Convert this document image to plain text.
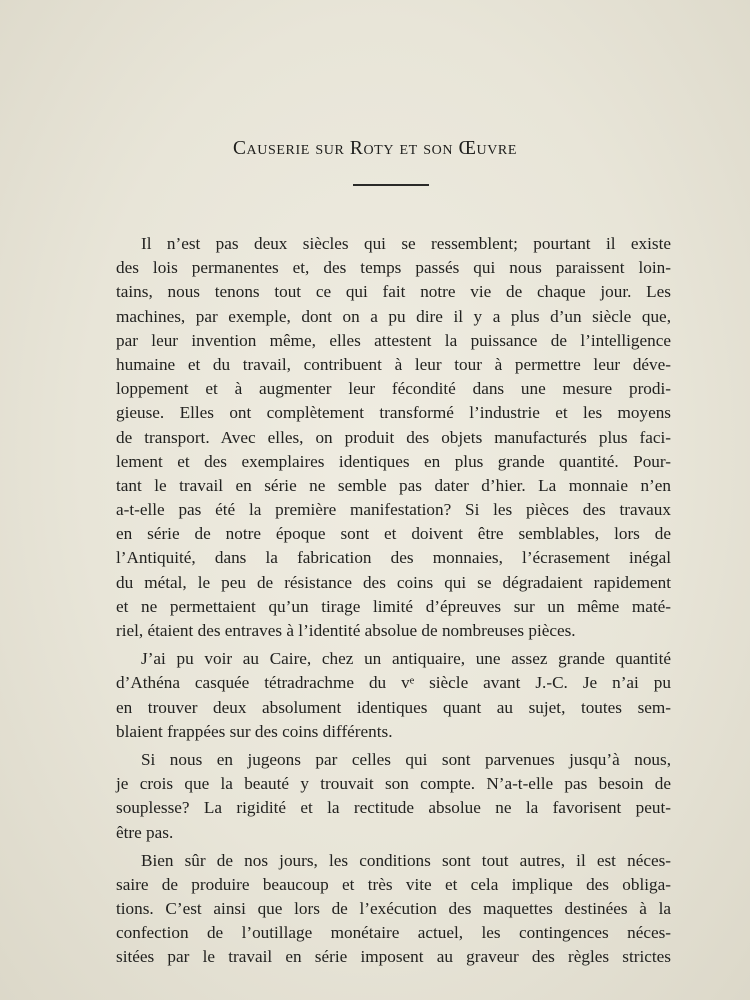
Causerie sur Roty et son Œuvre
Il n’est pas deux siècles qui se ressemblent; pourtant il existe
des lois permanentes et, des temps passés qui nous paraissent loin-
tains, nous tenons tout ce qui fait notre vie de chaque jour. Les
machines, par exemple, dont on a pu dire il y a plus d’un siècle que,
par leur invention même, elles attestent la puissance de l’intelligence
humaine et du travail, contribuent à leur tour à permettre leur déve-
loppement et à augmenter leur fécondité dans une mesure prodi-
gieuse. Elles ont complètement transformé l’industrie et les moyens
de transport. Avec elles, on produit des objets manufacturés plus faci-
lement et des exemplaires identiques en plus grande quantité. Pour-
tant le travail en série ne semble pas dater d’hier. La monnaie n’en
a-t-elle pas été la première manifestation? Si les pièces des travaux
en série de notre époque sont et doivent être semblables, lors de
l’Antiquité, dans la fabrication des monnaies, l’écrasement inégal
du métal, le peu de résistance des coins qui se dégradaient rapidement
et ne permettaient qu’un tirage limité d’épreuves sur un même maté-
riel, étaient des entraves à l’identité absolue de nombreuses pièces.
J’ai pu voir au Caire, chez un antiquaire, une assez grande quantité
d’Athéna casquée tétradrachme du vᵉ siècle avant J.-C. Je n’ai pu
en trouver deux absolument identiques quant au sujet, toutes sem-
blaient frappées sur des coins différents.
Si nous en jugeons par celles qui sont parvenues jusqu’à nous,
je crois que la beauté y trouvait son compte. N’a-t-elle pas besoin de
souplesse? La rigidité et la rectitude absolue ne la favorisent peut-
être pas.
Bien sûr de nos jours, les conditions sont tout autres, il est néces-
saire de produire beaucoup et très vite et cela implique des obliga-
tions. C’est ainsi que lors de l’exécution des maquettes destinées à la
confection de l’outillage monétaire actuel, les contingences néces-
sitées par le travail en série imposent au graveur des règles strictes
